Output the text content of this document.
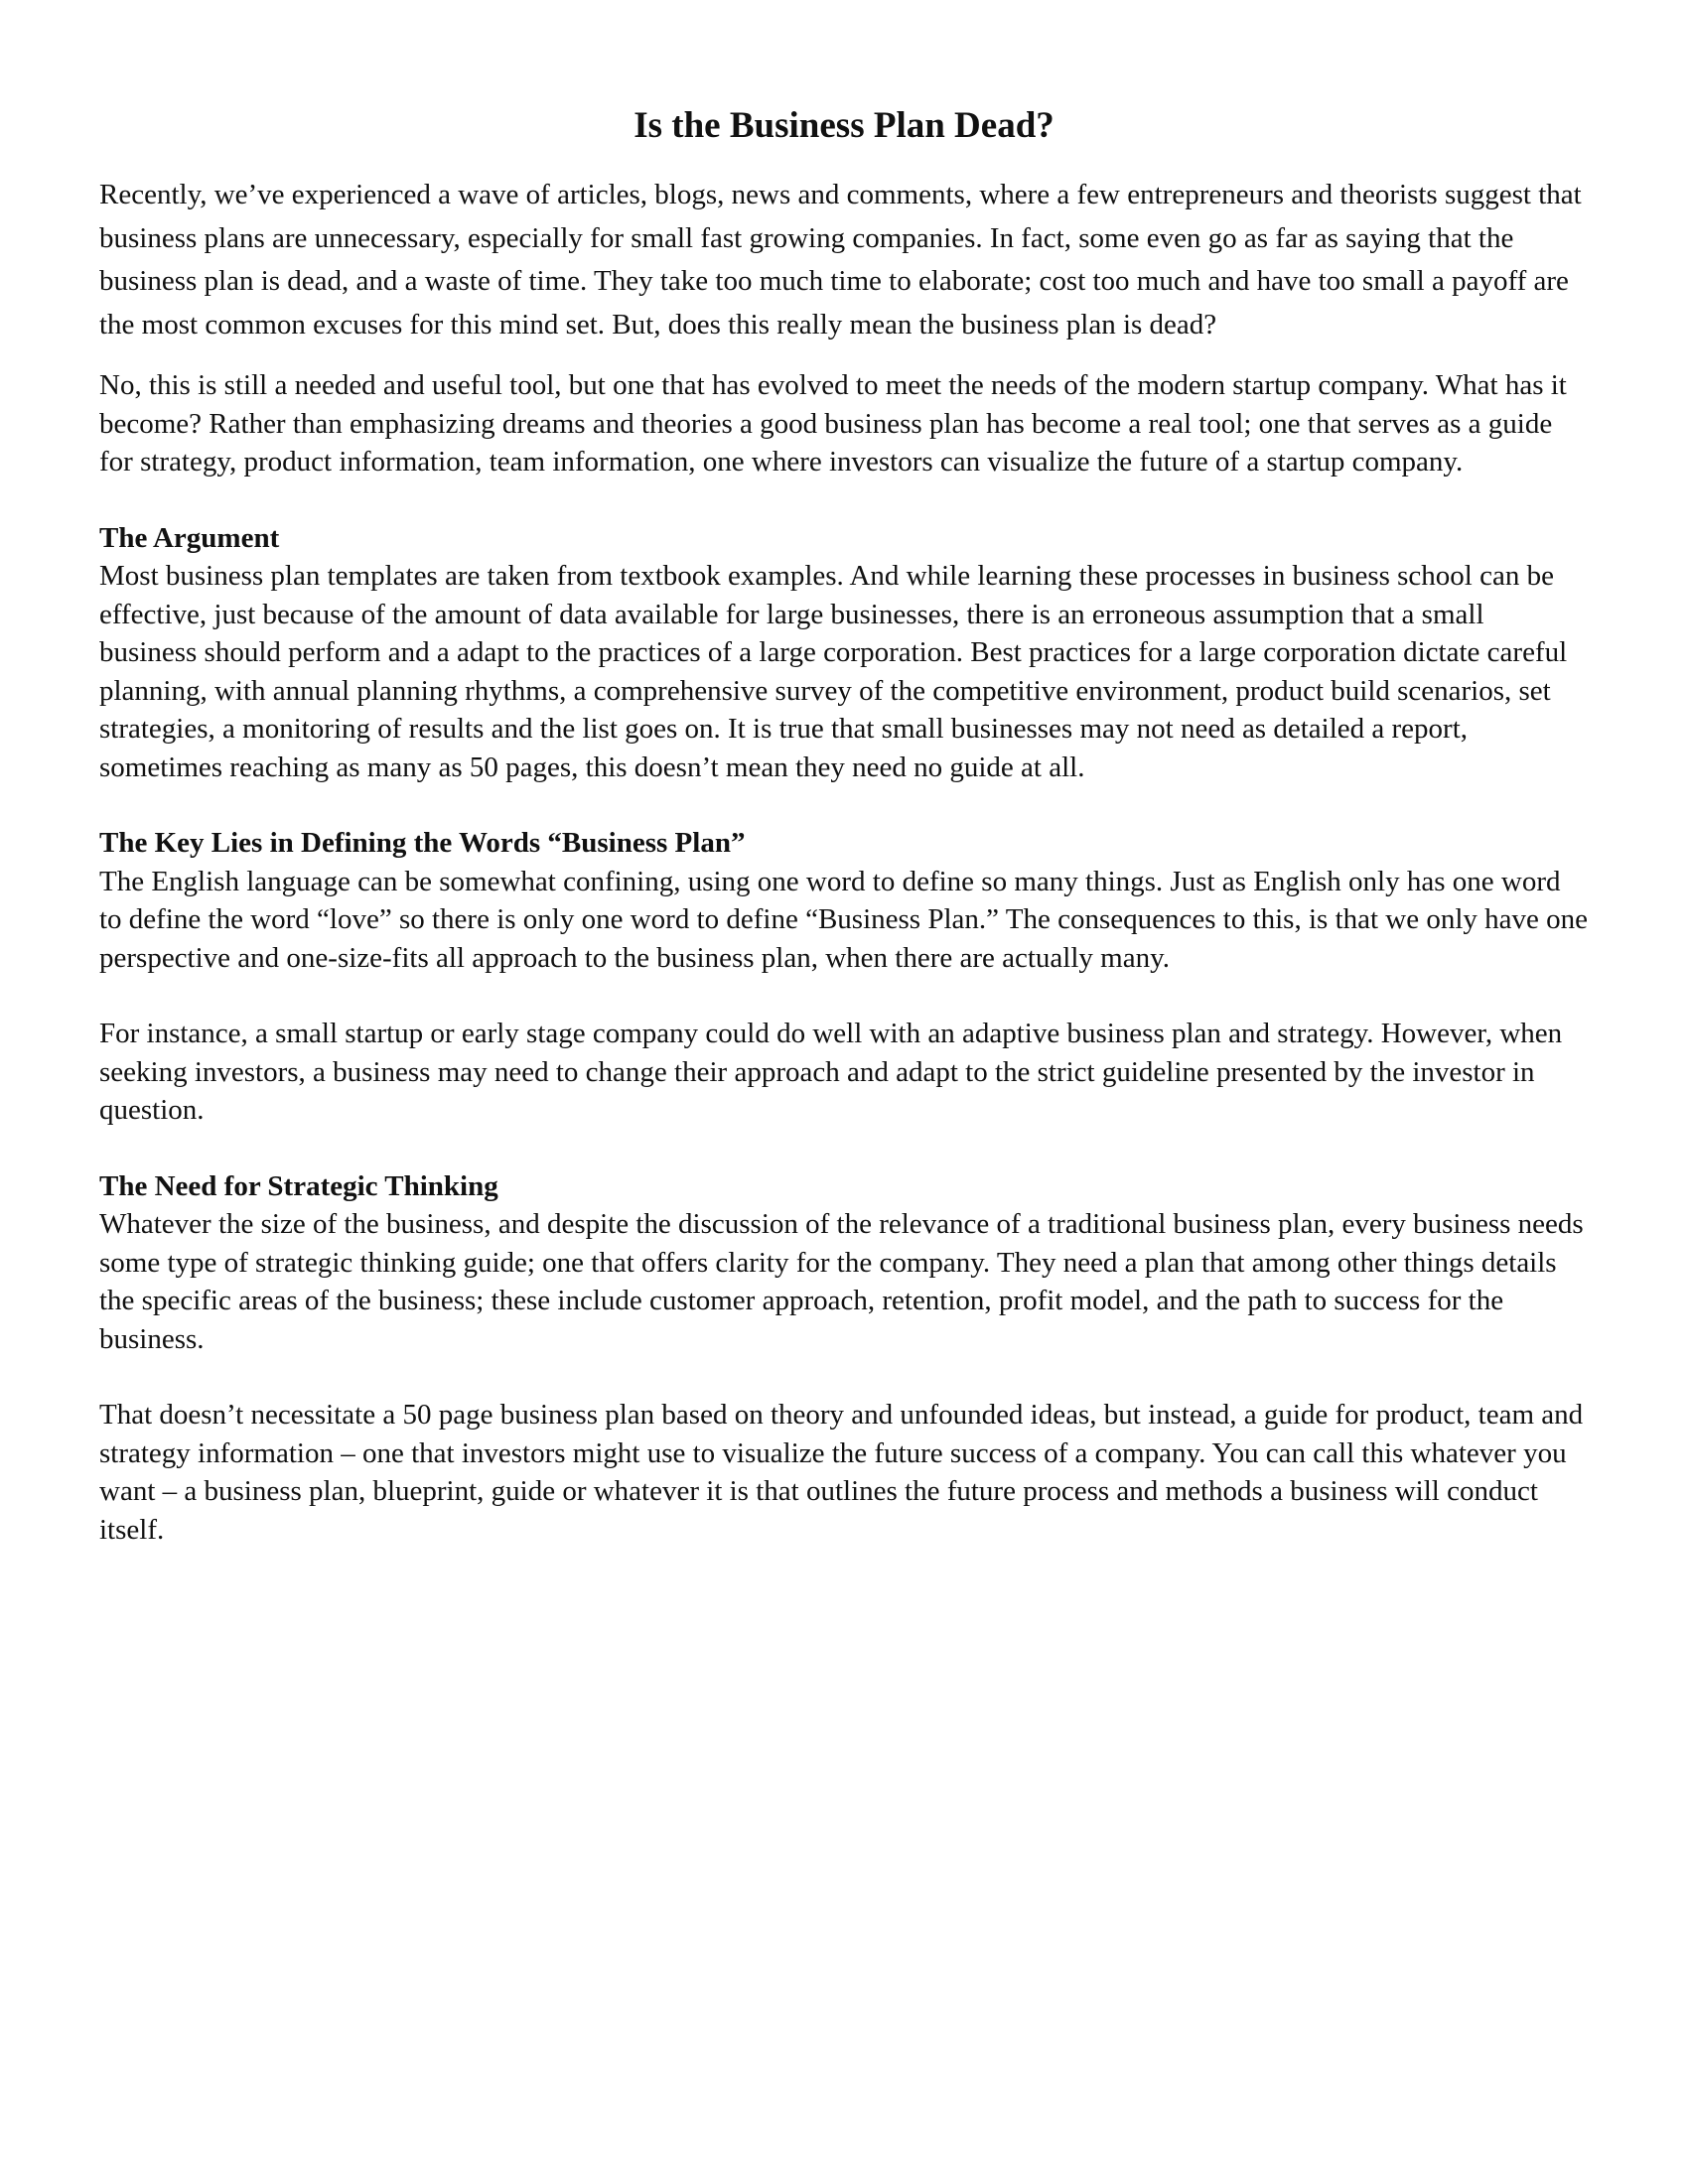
Is the Business Plan Dead?

Recently, we’ve experienced a wave of articles, blogs, news and comments, where a few entrepreneurs and theorists suggest that business plans are unnecessary, especially for small fast growing companies. In fact, some even go as far as saying that the business plan is dead, and a waste of time. They take too much time to elaborate; cost too much and have too small a payoff are the most common excuses for this mind set. But, does this really mean the business plan is dead?

No, this is still a needed and useful tool, but one that has evolved to meet the needs of the modern startup company. What has it become? Rather than emphasizing dreams and theories a good business plan has become a real tool; one that serves as a guide for strategy, product information, team information, one where investors can visualize the future of a startup company.

The Argument

Most business plan templates are taken from textbook examples. And while learning these processes in business school can be effective, just because of the amount of data available for large businesses, there is an erroneous assumption that a small business should perform and a adapt to the practices of a large corporation. Best practices for a large corporation dictate careful planning, with annual planning rhythms, a comprehensive survey of the competitive environment, product build scenarios, set strategies, a monitoring of results and the list goes on. It is true that small businesses may not need as detailed a report, sometimes reaching as many as 50 pages, this doesn’t mean they need no guide at all.

The Key Lies in Defining the Words “Business Plan”

The English language can be somewhat confining, using one word to define so many things. Just as English only has one word to define the word “love” so there is only one word to define “Business Plan.” The consequences to this, is that we only have one perspective and one-size-fits all approach to the business plan, when there are actually many.

For instance, a small startup or early stage company could do well with an adaptive business plan and strategy. However, when seeking investors, a business may need to change their approach and adapt to the strict guideline presented by the investor in question.

The Need for Strategic Thinking

Whatever the size of the business, and despite the discussion of the relevance of a traditional business plan, every business needs some type of strategic thinking guide; one that offers clarity for the company. They need a plan that among other things details the specific areas of the business; these include customer approach, retention, profit model, and the path to success for the business.

That doesn’t necessitate a 50 page business plan based on theory and unfounded ideas, but instead, a guide for product, team and strategy information – one that investors might use to visualize the future success of a company. You can call this whatever you want – a business plan, blueprint, guide or whatever it is that outlines the future process and methods a business will conduct itself.
